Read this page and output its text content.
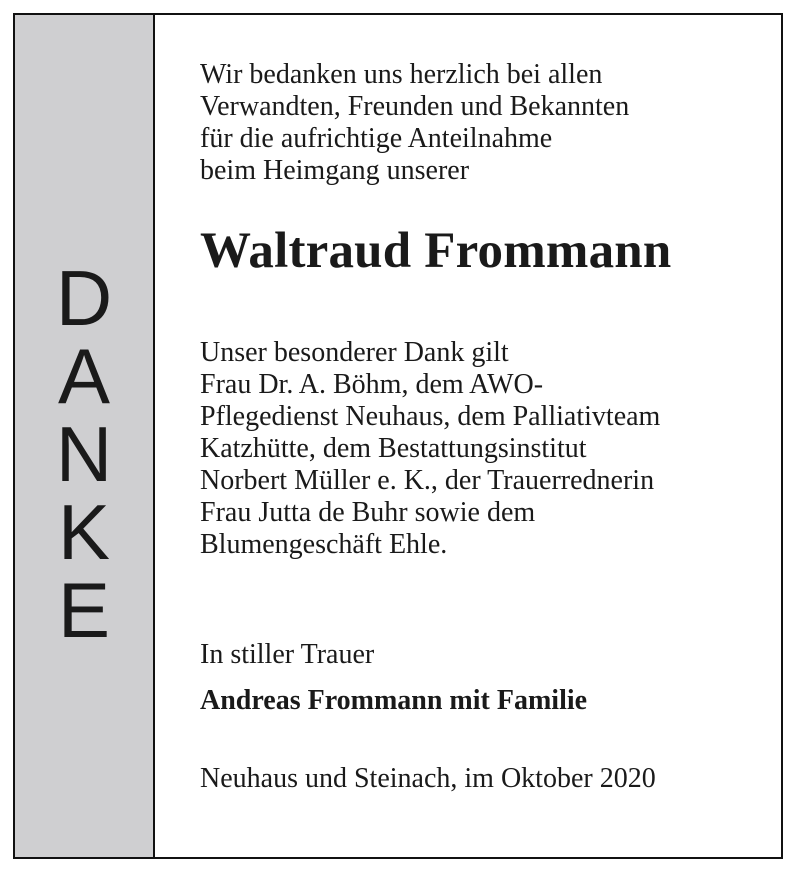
D
A
N
K
E

Wir bedanken uns herzlich bei allen
Verwandten, Freunden und Bekannten
für die aufrichtige Anteilnahme
beim Heimgang unserer

Waltraud Frommann

Unser besonderer Dank gilt
Frau Dr. A. Böhm, dem AWO-
Pflegedienst Neuhaus, dem Palliativteam
Katzhütte, dem Bestattungsinstitut
Norbert Müller e. K., der Trauerrednerin
Frau Jutta de Buhr sowie dem
Blumengeschäft Ehle.

In stiller Trauer

Andreas Frommann mit Familie

Neuhaus und Steinach, im Oktober 2020
